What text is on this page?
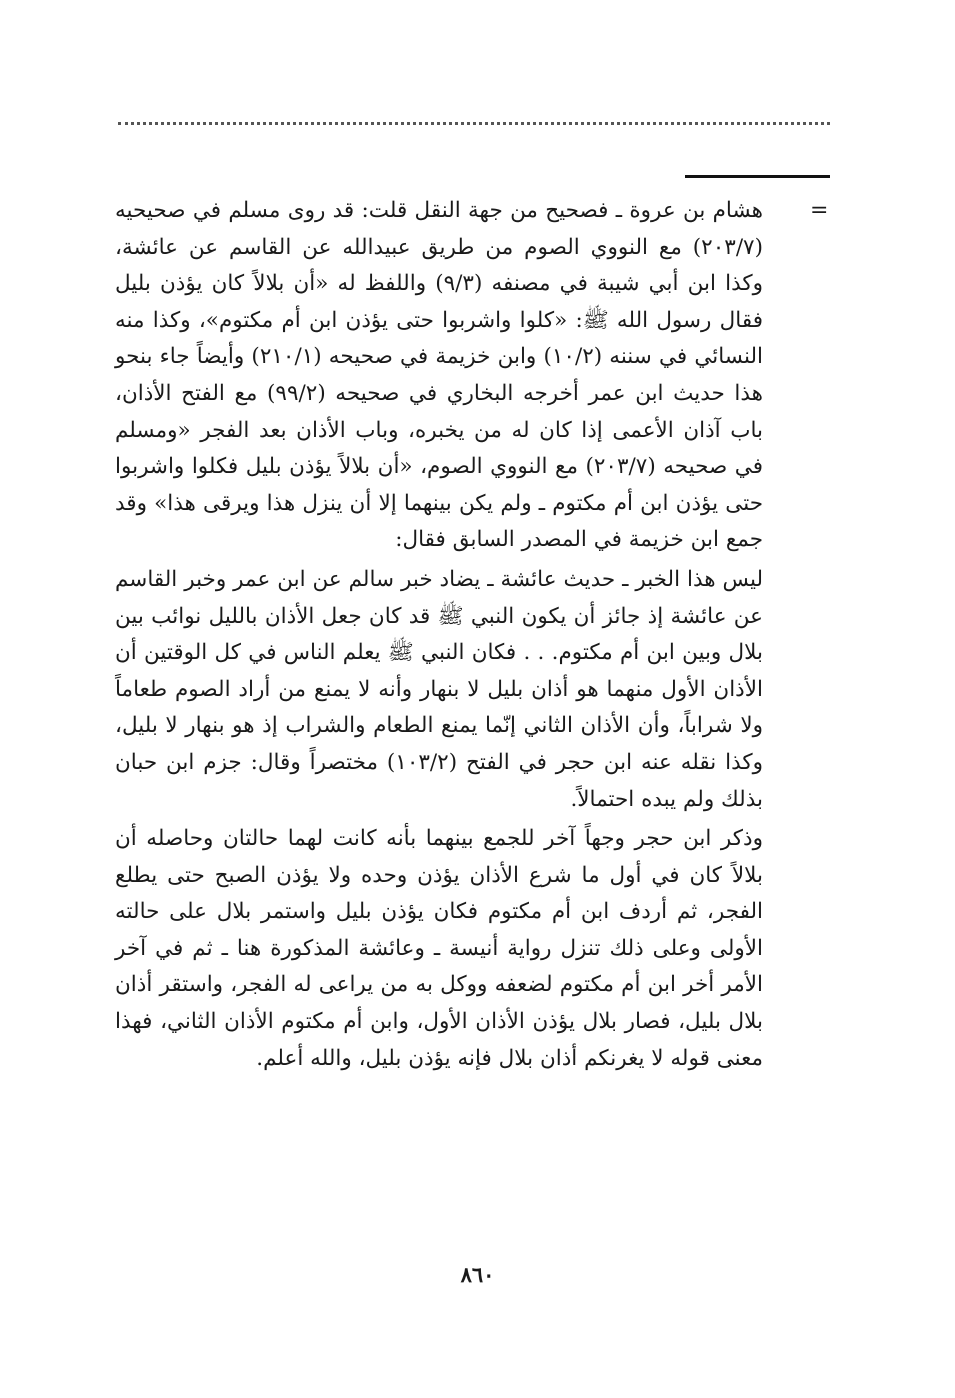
=

هشام بن عروة ـ فصحيح من جهة النقل قلت: قد روى مسلم في صحيحيه (٢٠٣/٧) مع النووي الصوم من طريق عبيدالله عن القاسم عن عائشة، وكذا ابن أبي شيبة في مصنفه (٩/٣) واللفظ له «أن بلالاً كان يؤذن بليل فقال رسول الله ﷺ: «كلوا واشربوا حتى يؤذن ابن أم مكتوم»، وكذا منه النسائي في سننه (١٠/٢) وابن خزيمة في صحيحه (٢١٠/١) وأيضاً جاء بنحو هذا حديث ابن عمر أخرجه البخاري في صحيحه (٩٩/٢) مع الفتح الأذان، باب آذان الأعمى إذا كان له من يخبره، وباب الأذان بعد الفجر «ومسلم في صحيحه (٢٠٣/٧) مع النووي الصوم، «أن بلالاً يؤذن بليل فكلوا واشربوا حتى يؤذن ابن أم مكتوم ـ ولم يكن بينهما إلا أن ينزل هذا ويرقى هذا» وقد جمع ابن خزيمة في المصدر السابق فقال:

ليس هذا الخبر ـ حديث عائشة ـ يضاد خبر سالم عن ابن عمر وخبر القاسم عن عائشة إذ جائز أن يكون النبي ﷺ قد كان جعل الأذان بالليل نوائب بين بلال وبين ابن أم مكتوم. . . فكان النبي ﷺ يعلم الناس في كل الوقتين أن الأذان الأول منهما هو أذان بليل لا بنهار وأنه لا يمنع من أراد الصوم طعاماً ولا شراباً، وأن الأذان الثاني إنّما يمنع الطعام والشراب إذ هو بنهار لا بليل، وكذا نقله عنه ابن حجر في الفتح (١٠٣/٢) مختصراً وقال: جزم ابن حبان بذلك ولم يبده احتمالاً.

وذكر ابن حجر وجهاً آخر للجمع بينهما بأنه كانت لهما حالتان وحاصله أن بلالاً كان في أول ما شرع الأذان يؤذن وحده ولا يؤذن الصبح حتى يطلع الفجر، ثم أردف ابن أم مكتوم فكان يؤذن بليل واستمر بلال على حالته الأولى وعلى ذلك تنزل رواية أنيسة ـ وعائشة المذكورة هنا ـ ثم في آخر الأمر أخر ابن أم مكتوم لضعفه ووكل به من يراعى له الفجر، واستقر أذان بلال بليل، فصار بلال يؤذن الأذان الأول، وابن أم مكتوم الأذان الثاني، فهذا معنى قوله لا يغرنكم أذان بلال فإنه يؤذن بليل، والله أعلم.

٨٦٠
